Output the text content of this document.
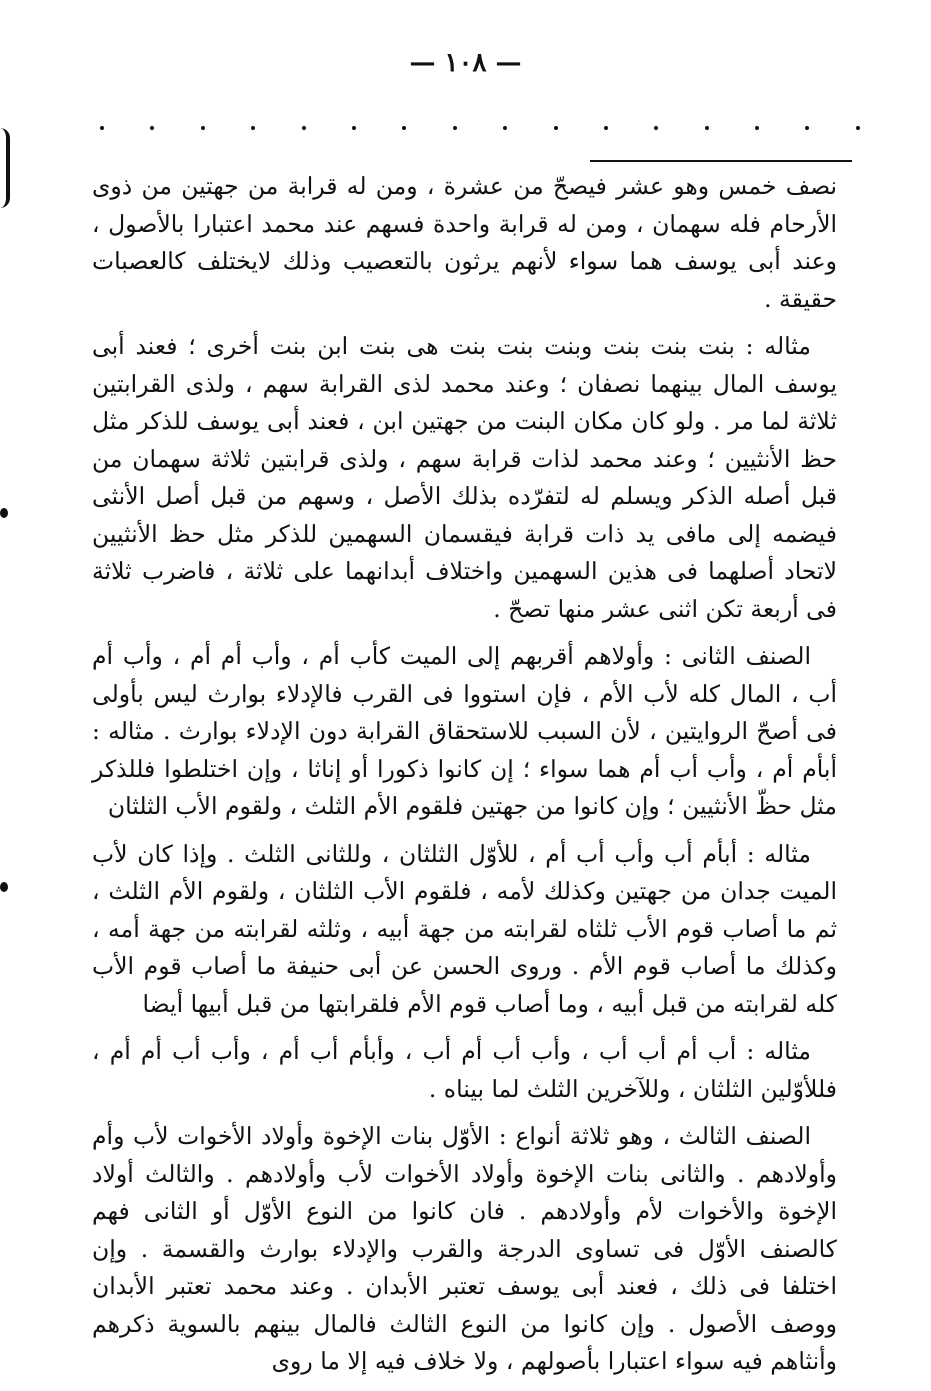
— ١٠٨ —

نصف خمس وهو عشر فيصحّ من عشرة ، ومن له قرابة من جهتين من ذوى الأرحام فله سهمان ، ومن له قرابة واحدة فسهم عند محمد اعتبارا بالأصول ، وعند أبى يوسف هما سواء لأنهم يرثون بالتعصيب وذلك لايختلف كالعصبات حقيقة .

مثاله : بنت بنت بنت وبنت بنت بنت هى بنت ابن بنت أخرى ؛ فعند أبى يوسف المال بينهما نصفان ؛ وعند محمد لذى القرابة سهم ، ولذى القرابتين ثلاثة لما مر . ولو كان مكان البنت من جهتين ابن ، فعند أبى يوسف للذكر مثل حظ الأنثيين ؛ وعند محمد لذات قرابة سهم ، ولذى قرابتين ثلاثة سهمان من قبل أصله الذكر ويسلم له لتفرّده بذلك الأصل ، وسهم من قبل أصل الأنثى فيضمه إلى مافى يد ذات قرابة فيقسمان السهمين للذكر مثل حظ الأنثيين لاتحاد أصلهما فى هذين السهمين واختلاف أبدانهما على ثلاثة ، فاضرب ثلاثة فى أربعة تكن اثنى عشر منها تصحّ .

الصنف الثانى : وأولاهم أقربهم إلى الميت كأب أم ، وأب أم أم ، وأب أم أب ، المال كله لأب الأم ، فإن استووا فى القرب فالإدلاء بوارث ليس بأولى فى أصحّ الروايتين ، لأن السبب للاستحقاق القرابة دون الإدلاء بوارث . مثاله : أبأم أم ، وأب أب أم هما سواء ؛ إن كانوا ذكورا أو إناثا ، وإن اختلطوا فللذكر مثل حظّ الأنثيين ؛ وإن كانوا من جهتين فلقوم الأم الثلث ، ولقوم الأب الثلثان

مثاله : أبأم أب وأب أب أم ، للأوّل الثلثان ، وللثانى الثلث . وإذا كان لأب الميت جدان من جهتين وكذلك لأمه ، فلقوم الأب الثلثان ، ولقوم الأم الثلث ، ثم ما أصاب قوم الأب ثلثاه لقرابته من جهة أبيه ، وثلثه لقرابته من جهة أمه ، وكذلك ما أصاب قوم الأم . وروى الحسن عن أبى حنيفة ما أصاب قوم الأب كله لقرابته من قبل أبيه ، وما أصاب قوم الأم فلقرابتها من قبل أبيها أيضا

مثاله : أب أم أب أب ، وأب أب أم أب ، وأبأم أب أم ، وأب أب أم أم ، فللأوّلين الثلثان ، وللآخرين الثلث لما بيناه .

الصنف الثالث ، وهو ثلاثة أنواع : الأوّل بنات الإخوة وأولاد الأخوات لأب وأم وأولادهم . والثانى بنات الإخوة وأولاد الأخوات لأب وأولادهم . والثالث أولاد الإخوة والأخوات لأم وأولادهم . فان كانوا من النوع الأوّل أو الثانى فهم كالصنف الأوّل فى تساوى الدرجة والقرب والإدلاء بوارث والقسمة . وإن اختلفا فى ذلك ، فعند أبى يوسف تعتبر الأبدان . وعند محمد تعتبر الأبدان ووصف الأصول . وإن كانوا من النوع الثالث فالمال بينهم بالسوية ذكرهم وأنثاهم فيه سواء اعتبارا بأصولهم ، ولا خلاف فيه إلا ما روى
